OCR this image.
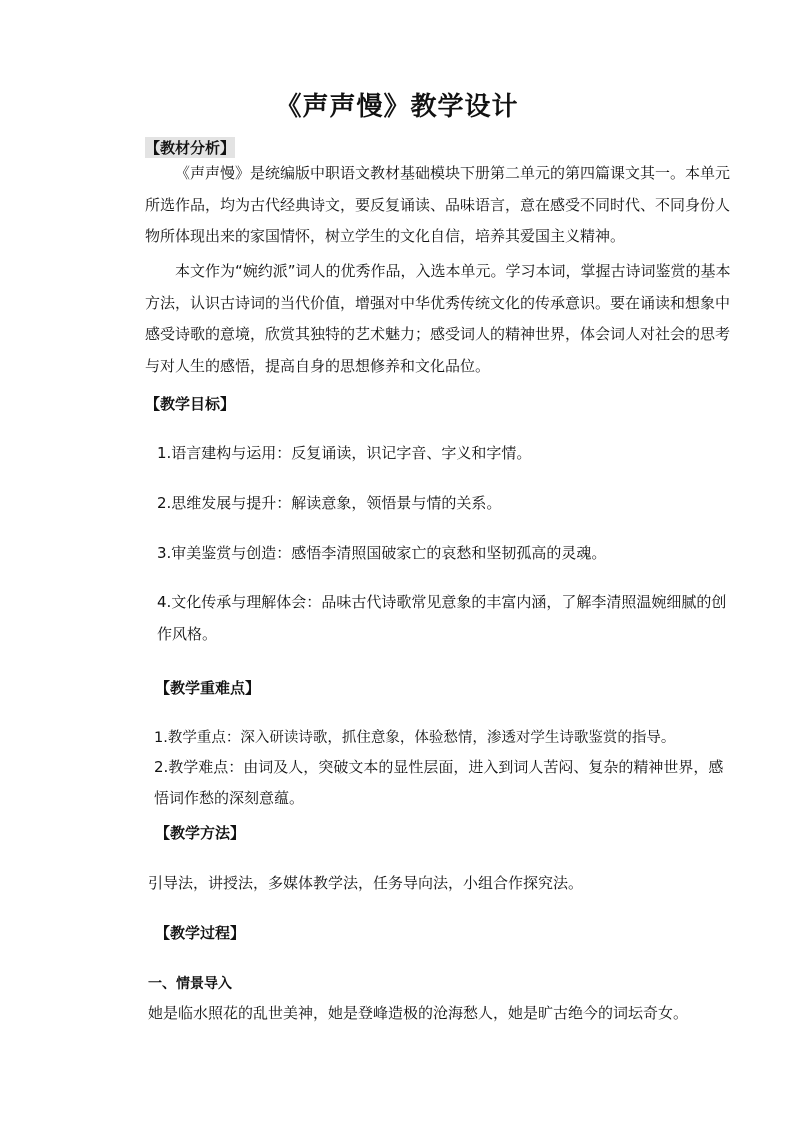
《声声慢》教学设计
【教材分析】

《声声慢》是统编版中职语文教材基础模块下册第二单元的第四篇课文其一。本单元所选作品，均为古代经典诗文，要反复诵读、品味语言，意在感受不同时代、不同身份人物所体现出来的家国情怀，树立学生的文化自信，培养其爱国主义精神。

本文作为“婉约派”词人的优秀作品，入选本单元。学习本词，掌握古诗词鉴赏的基本方法，认识古诗词的当代价值，增强对中华优秀传统文化的传承意识。要在诵读和想象中感受诗歌的意境，欣赏其独特的艺术魅力；感受词人的精神世界，体会词人对社会的思考与对人生的感悟，提高自身的思想修养和文化品位。

【教学目标】
1.语言建构与运用：反复诵读，识记字音、字义和字情。
2.思维发展与提升：解读意象，领悟景与情的关系。
3.审美鉴赏与创造：感悟李清照国破家亡的哀愁和坚韧孤高的灵魂。

4.文化传承与理解体会：品味古代诗歌常见意象的丰富内涵，了解李清照温婉细腻的创作风格。

【教学重难点】
1.教学重点：深入研读诗歌，抓住意象，体验愁情，渗透对学生诗歌鉴赏的指导。

2.教学难点：由词及人，突破文本的显性层面，进入到词人苦闷、复杂的精神世界，感悟词作愁的深刻意蕴。

【教学方法】
引导法，讲授法，多媒体教学法，任务导向法，小组合作探究法。
【教学过程】
一、情景导入
她是临水照花的乱世美神，她是登峰造极的沧海愁人，她是旷古绝今的词坛奇女。
